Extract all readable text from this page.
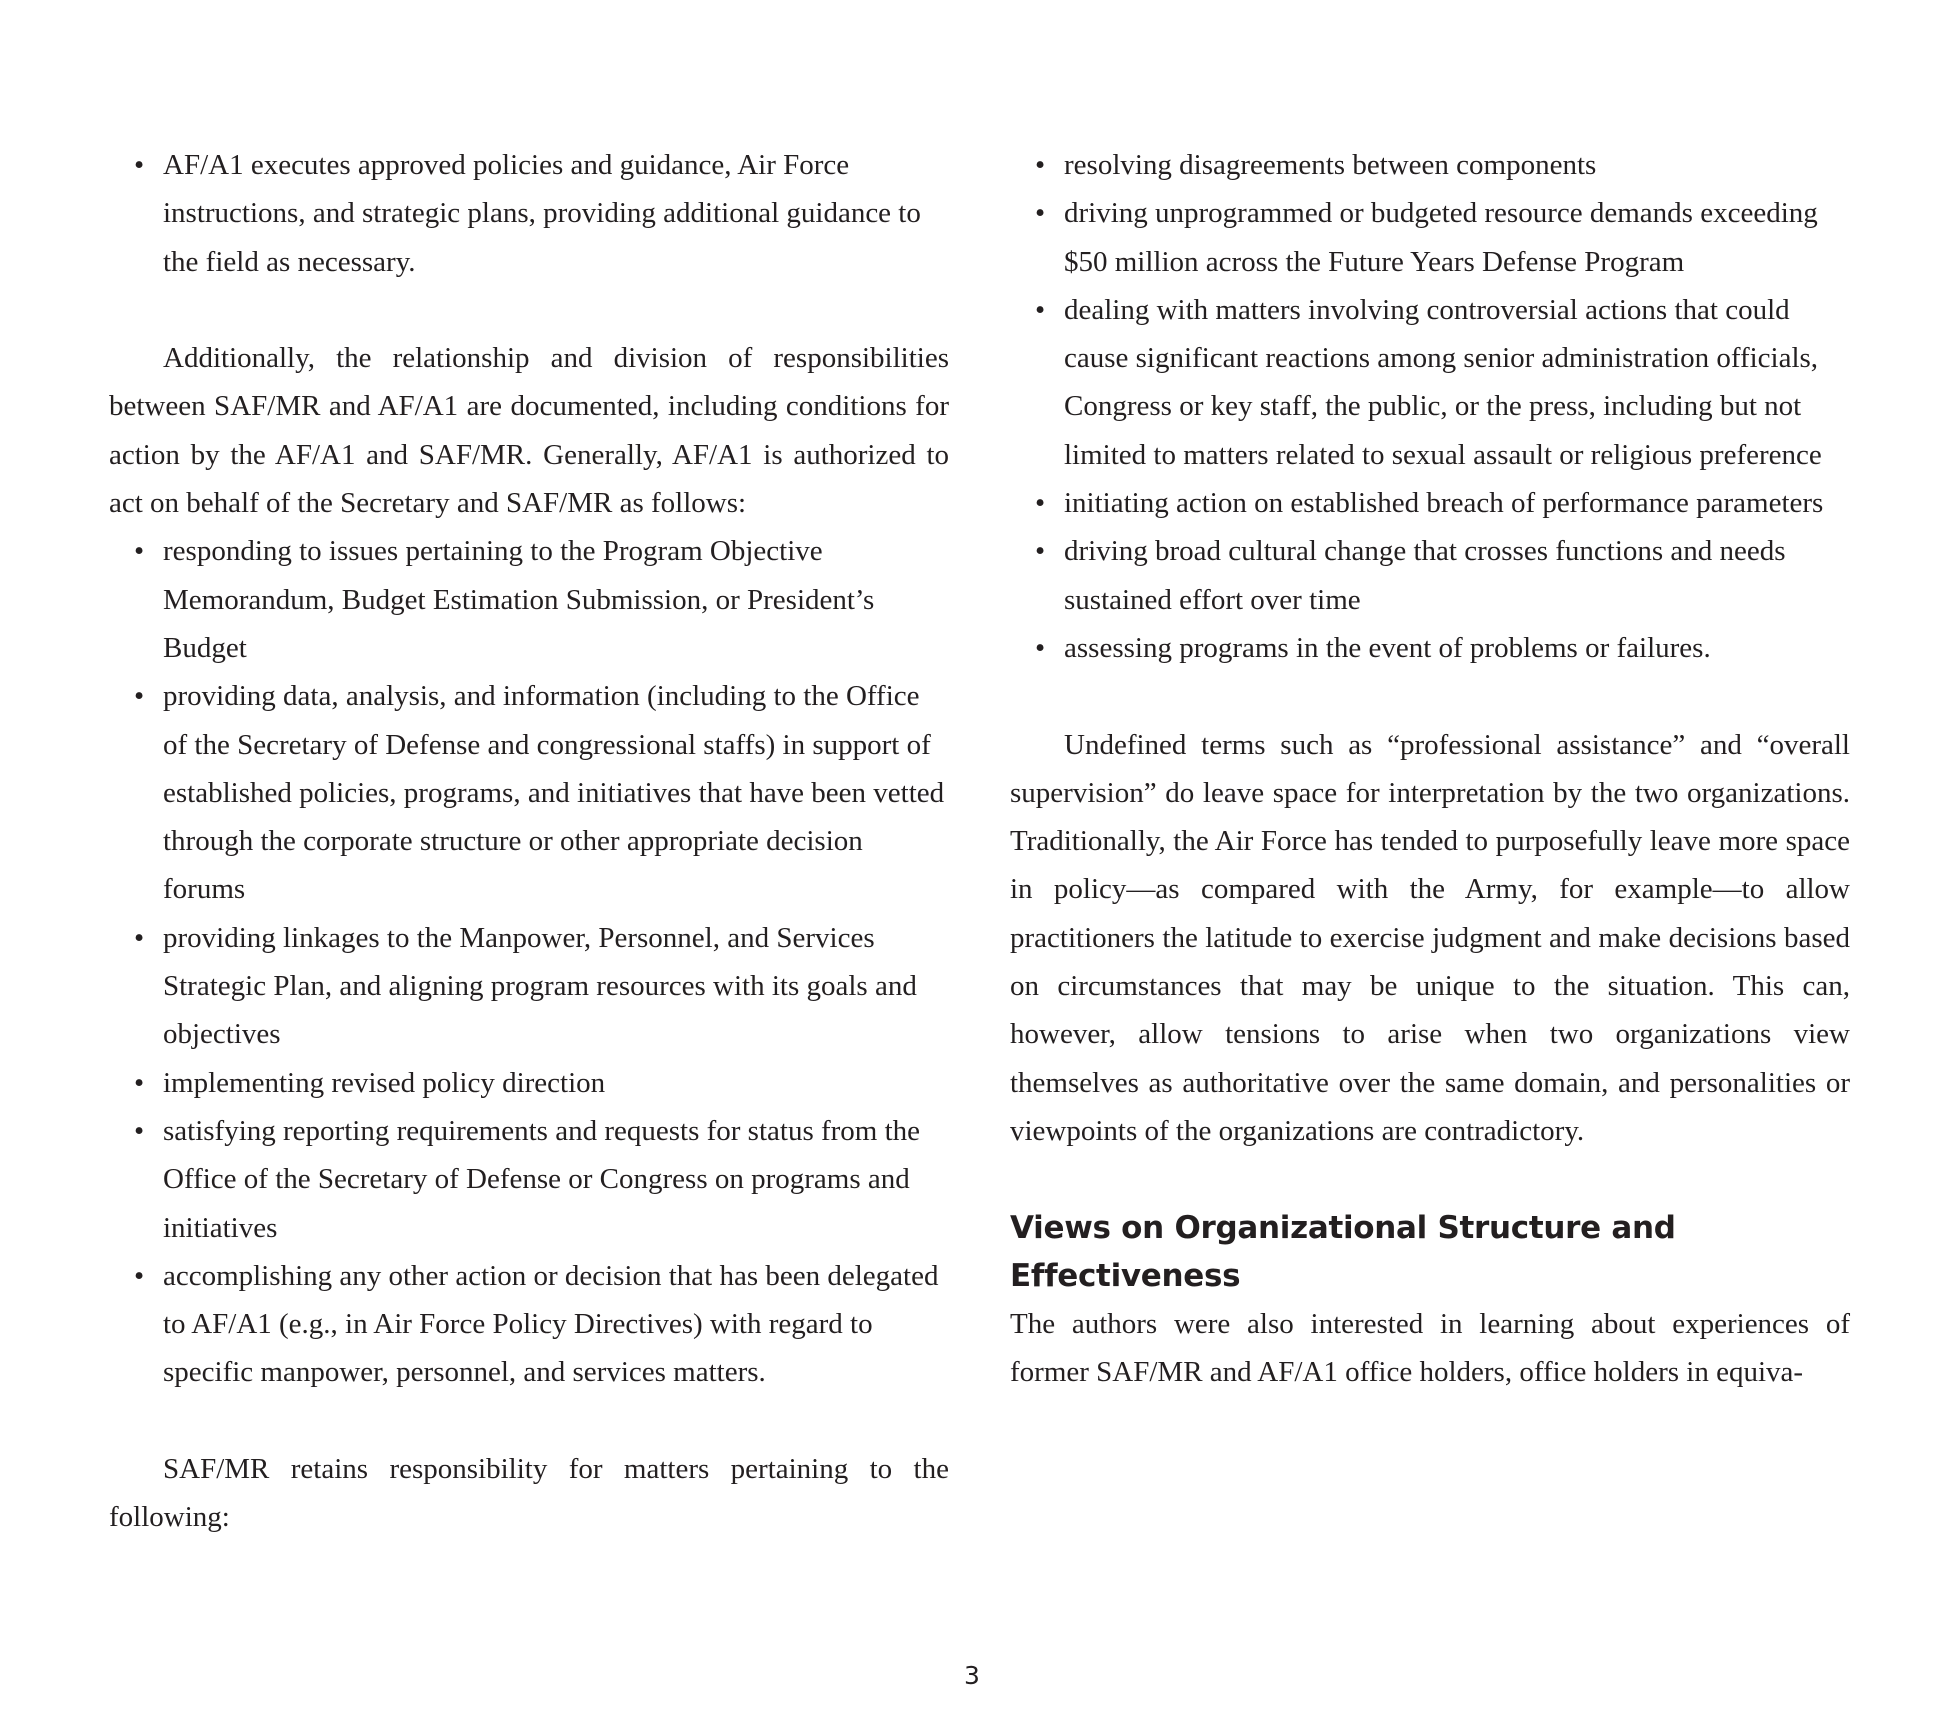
• AF/A1 executes approved policies and guidance, Air Force instructions, and strategic plans, providing additional guidance to the field as necessary.

Additionally, the relationship and division of responsibilities between SAF/MR and AF/A1 are documented, including conditions for action by the AF/A1 and SAF/MR. Generally, AF/A1 is authorized to act on behalf of the Secretary and SAF/MR as follows:

• responding to issues pertaining to the Program Objective Memorandum, Budget Estimation Submission, or President’s Budget
• providing data, analysis, and information (including to the Office of the Secretary of Defense and congressional staffs) in support of established policies, programs, and initiatives that have been vetted through the corporate structure or other appropriate decision forums
• providing linkages to the Manpower, Personnel, and Services Strategic Plan, and aligning program resources with its goals and objectives
• implementing revised policy direction
• satisfying reporting requirements and requests for status from the Office of the Secretary of Defense or Congress on programs and initiatives
• accomplishing any other action or decision that has been delegated to AF/A1 (e.g., in Air Force Policy Directives) with regard to specific manpower, personnel, and services matters.

SAF/MR retains responsibility for matters pertaining to the following:

• resolving disagreements between components
• driving unprogrammed or budgeted resource demands exceeding $50 million across the Future Years Defense Program
• dealing with matters involving controversial actions that could cause significant reactions among senior administration officials, Congress or key staff, the public, or the press, including but not limited to matters related to sexual assault or religious preference
• initiating action on established breach of performance parameters
• driving broad cultural change that crosses functions and needs sustained effort over time
• assessing programs in the event of problems or failures.

Undefined terms such as “professional assistance” and “overall supervision” do leave space for interpretation by the two organizations. Traditionally, the Air Force has tended to purposefully leave more space in policy—as compared with the Army, for example—to allow practitioners the latitude to exercise judgment and make decisions based on circumstances that may be unique to the situation. This can, however, allow tensions to arise when two organizations view themselves as authoritative over the same domain, and personalities or viewpoints of the organizations are contradictory.

Views on Organizational Structure and Effectiveness

The authors were also interested in learning about experiences of former SAF/MR and AF/A1 office holders, office holders in equiva-

3
